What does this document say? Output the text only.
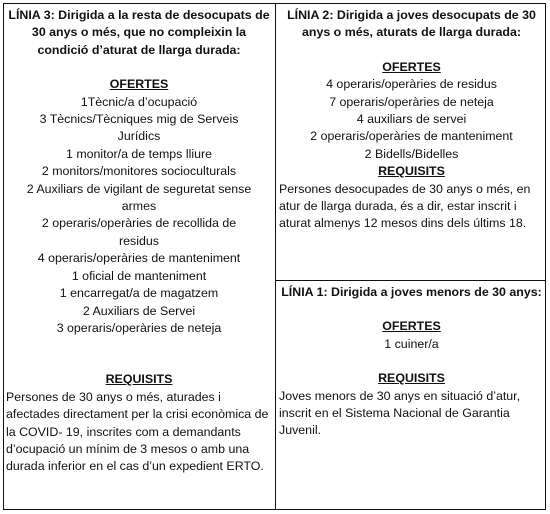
LÍNIA 3: Dirigida a la resta de desocupats de 30 anys o més, que no compleixin la condició d’aturat de llarga durada:
OFERTES
1Tècnic/a d’ocupació
3 Tècnics/Tècniques mig de Serveis Jurídics
1 monitor/a de temps lliure
2 monitors/monitores socioculturals
2 Auxiliars de vigilant de seguretat sense armes
2 operaris/operàries de recollida de residus
4 operaris/operàries de manteniment
1 oficial de manteniment
1 encarregat/a de magatzem
2 Auxiliars de Servei
3 operaris/operàries de neteja
REQUISITS
Persones de 30 anys o més, aturades i afectades directament per la crisi econòmica de la COVID- 19, inscrites com a demandants d’ocupació un mínim de 3 mesos o amb una durada inferior en el cas d’un expedient ERTO.
LÍNIA 2: Dirigida a joves desocupats de 30 anys o més, aturats de llarga durada:
OFERTES
4 operaris/operàries de residus
7 operaris/operàries de neteja
4 auxiliars de servei
2 operaris/operàries de manteniment
2 Bidells/Bidelles
REQUISITS
Persones desocupades de 30 anys o més, en atur de llarga durada, és a dir, estar inscrit i aturat almenys 12 mesos dins dels últims 18.
LÍNIA 1: Dirigida a joves menors de 30 anys:
OFERTES
1 cuiner/a
REQUISITS
Joves menors de 30 anys en situació d’atur, inscrit en el Sistema Nacional de Garantia Juvenil.
